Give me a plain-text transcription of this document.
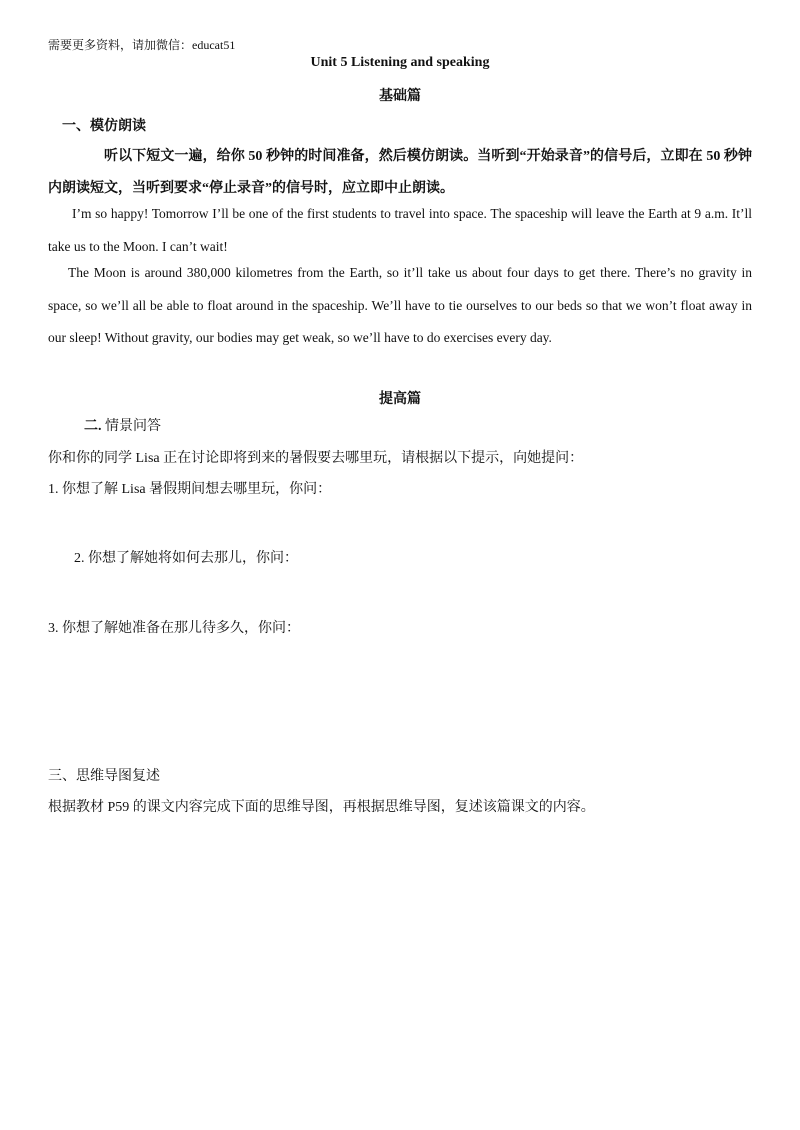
需要更多资料，请加微信：educat51
Unit 5 Listening and speaking
基础篇
一、模仿朗读
听以下短文一遍，给你 50 秒钟的时间准备，然后模仿朗读。当听到“开始录音”的信号后，立即在 50 秒钟内朗读短文，当听到要求“停止录音”的信号时，应立即中止朗读。
I’m so happy! Tomorrow I’ll be one of the first students to travel into space. The spaceship will leave the Earth at 9 a.m. It’ll take us to the Moon. I can’t wait!
The Moon is around 380,000 kilometres from the Earth, so it’ll take us about four days to get there. There’s no gravity in space, so we’ll all be able to float around in the spaceship. We’ll have to tie ourselves to our beds so that we won’t float away in our sleep! Without gravity, our bodies may get weak, so we’ll have to do exercises every day.
提高篇
二. 情景问答
你和你的同学 Lisa 正在讨论即将到来的暑假要去哪里玩，请根据以下提示，向她提问：
1. 你想了解 Lisa 暑假期间想去哪里玩，你问：
2. 你想了解她将如何去那儿，你问：
3. 你想了解她准备在那儿待多久，你问：
三、思维导图复述
根据教材 P59 的课文内容完成下面的思维导图，再根据思维导图，复述该篇课文的内容。
